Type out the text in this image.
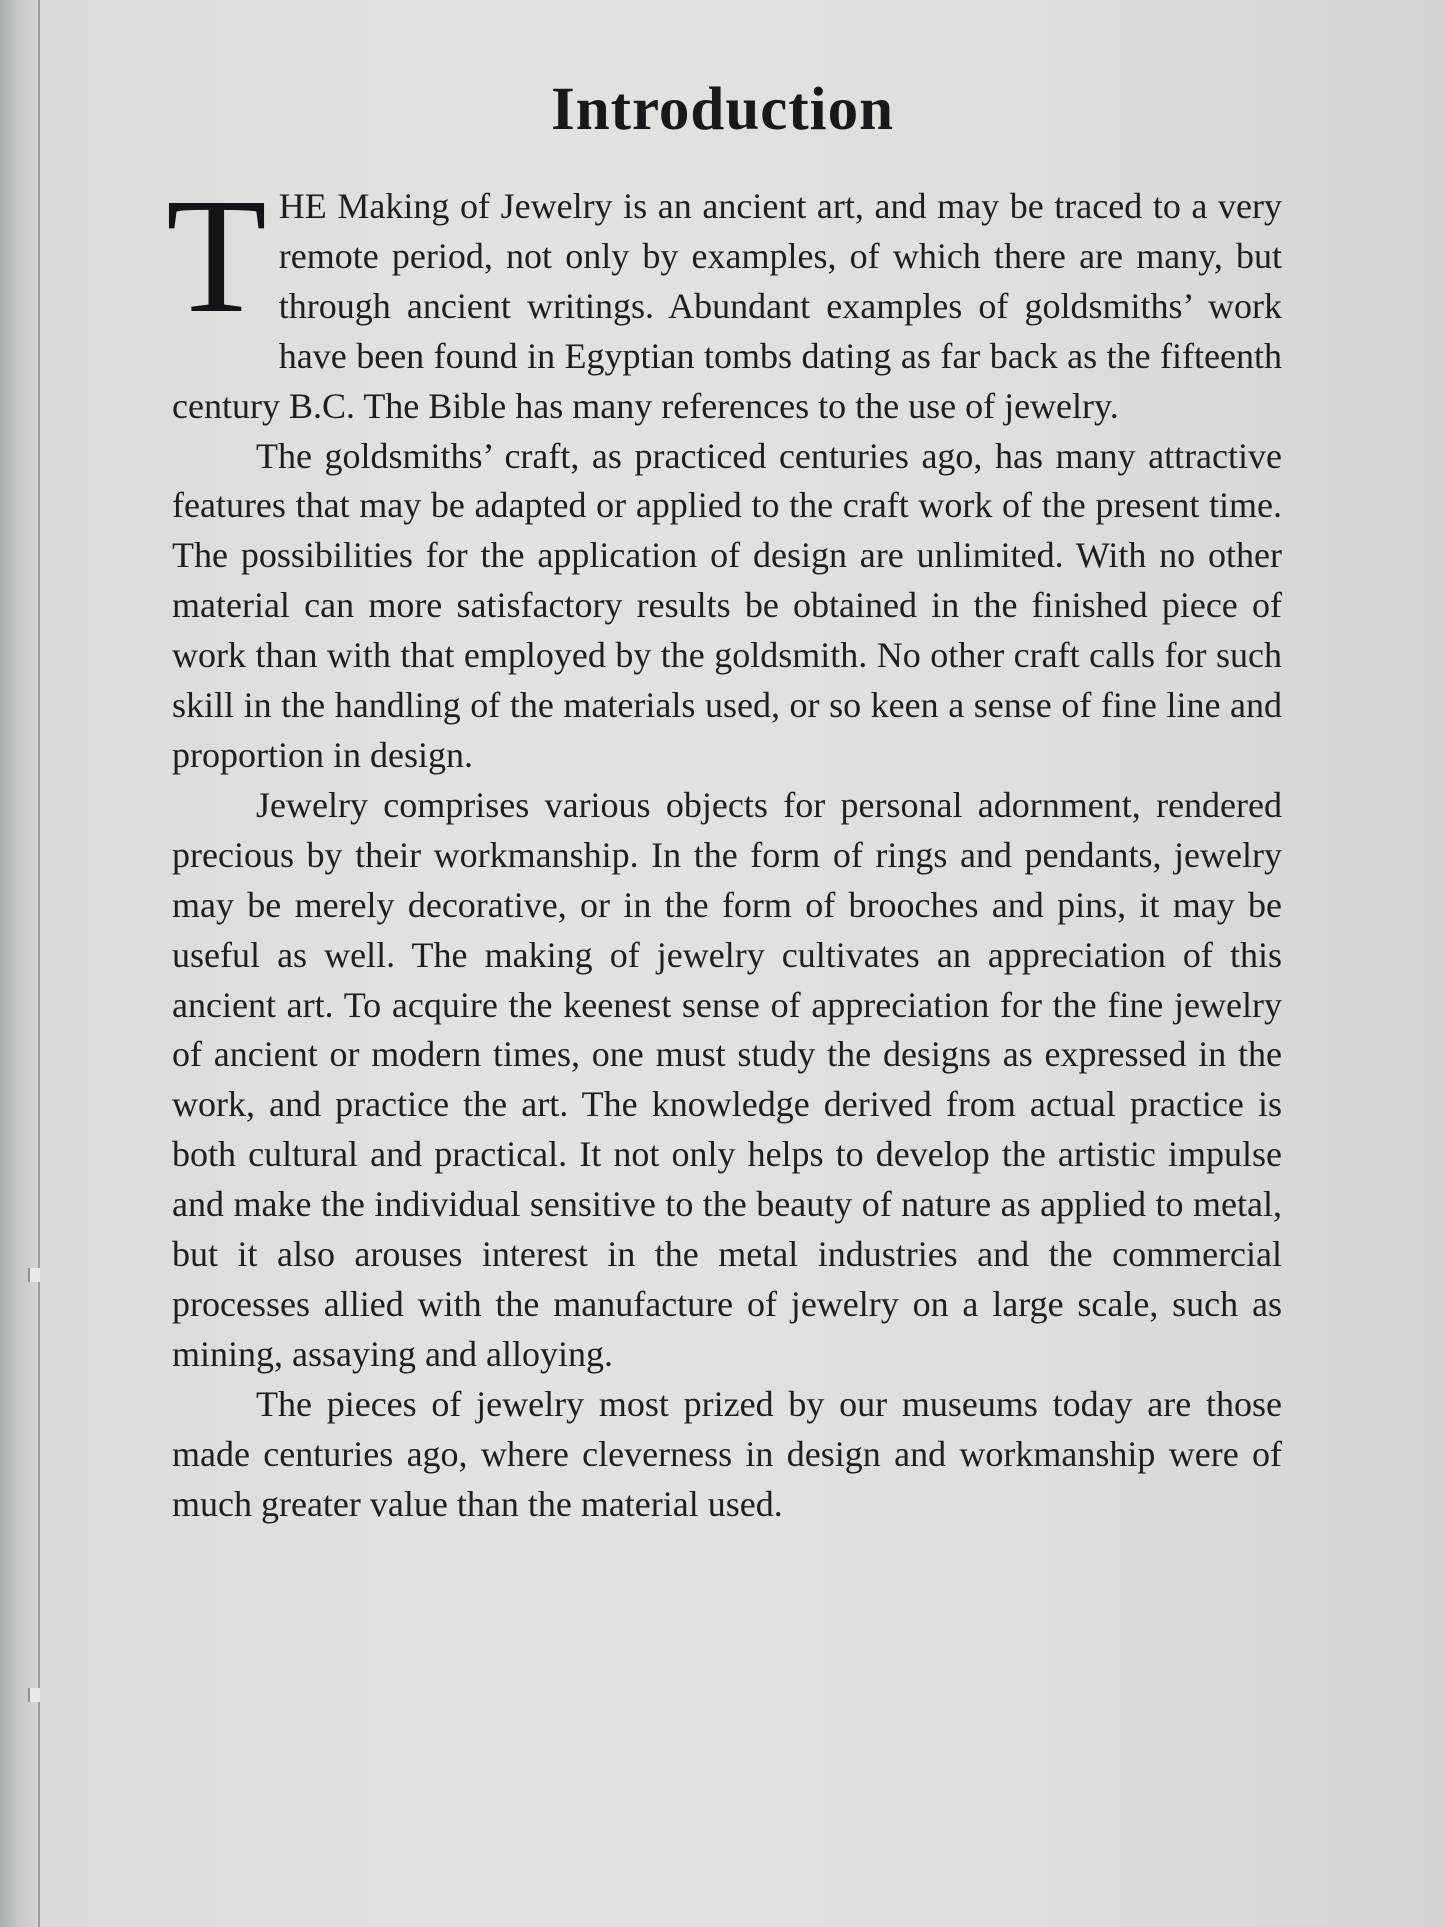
Introduction

THE Making of Jewelry is an ancient art, and may be traced to a very remote period, not only by examples, of which there are many, but through ancient writings. Abundant examples of goldsmiths’ work have been found in Egyptian tombs dating as far back as the fifteenth century B.C. The Bible has many references to the use of jewelry.

The goldsmiths’ craft, as practiced centuries ago, has many attractive features that may be adapted or applied to the craft work of the present time. The possibilities for the application of design are unlimited. With no other material can more satisfactory results be obtained in the finished piece of work than with that employed by the goldsmith. No other craft calls for such skill in the handling of the materials used, or so keen a sense of fine line and proportion in design.

Jewelry comprises various objects for personal adornment, rendered precious by their workmanship. In the form of rings and pendants, jewelry may be merely decorative, or in the form of brooches and pins, it may be useful as well. The making of jewelry cultivates an appreciation of this ancient art. To acquire the keenest sense of appreciation for the fine jewelry of ancient or modern times, one must study the designs as expressed in the work, and practice the art. The knowledge derived from actual practice is both cultural and practical. It not only helps to develop the artistic impulse and make the individual sensitive to the beauty of nature as applied to metal, but it also arouses interest in the metal industries and the commercial processes allied with the manufacture of jewelry on a large scale, such as mining, assaying and alloying.

The pieces of jewelry most prized by our museums today are those made centuries ago, where cleverness in design and workmanship were of much greater value than the material used.
